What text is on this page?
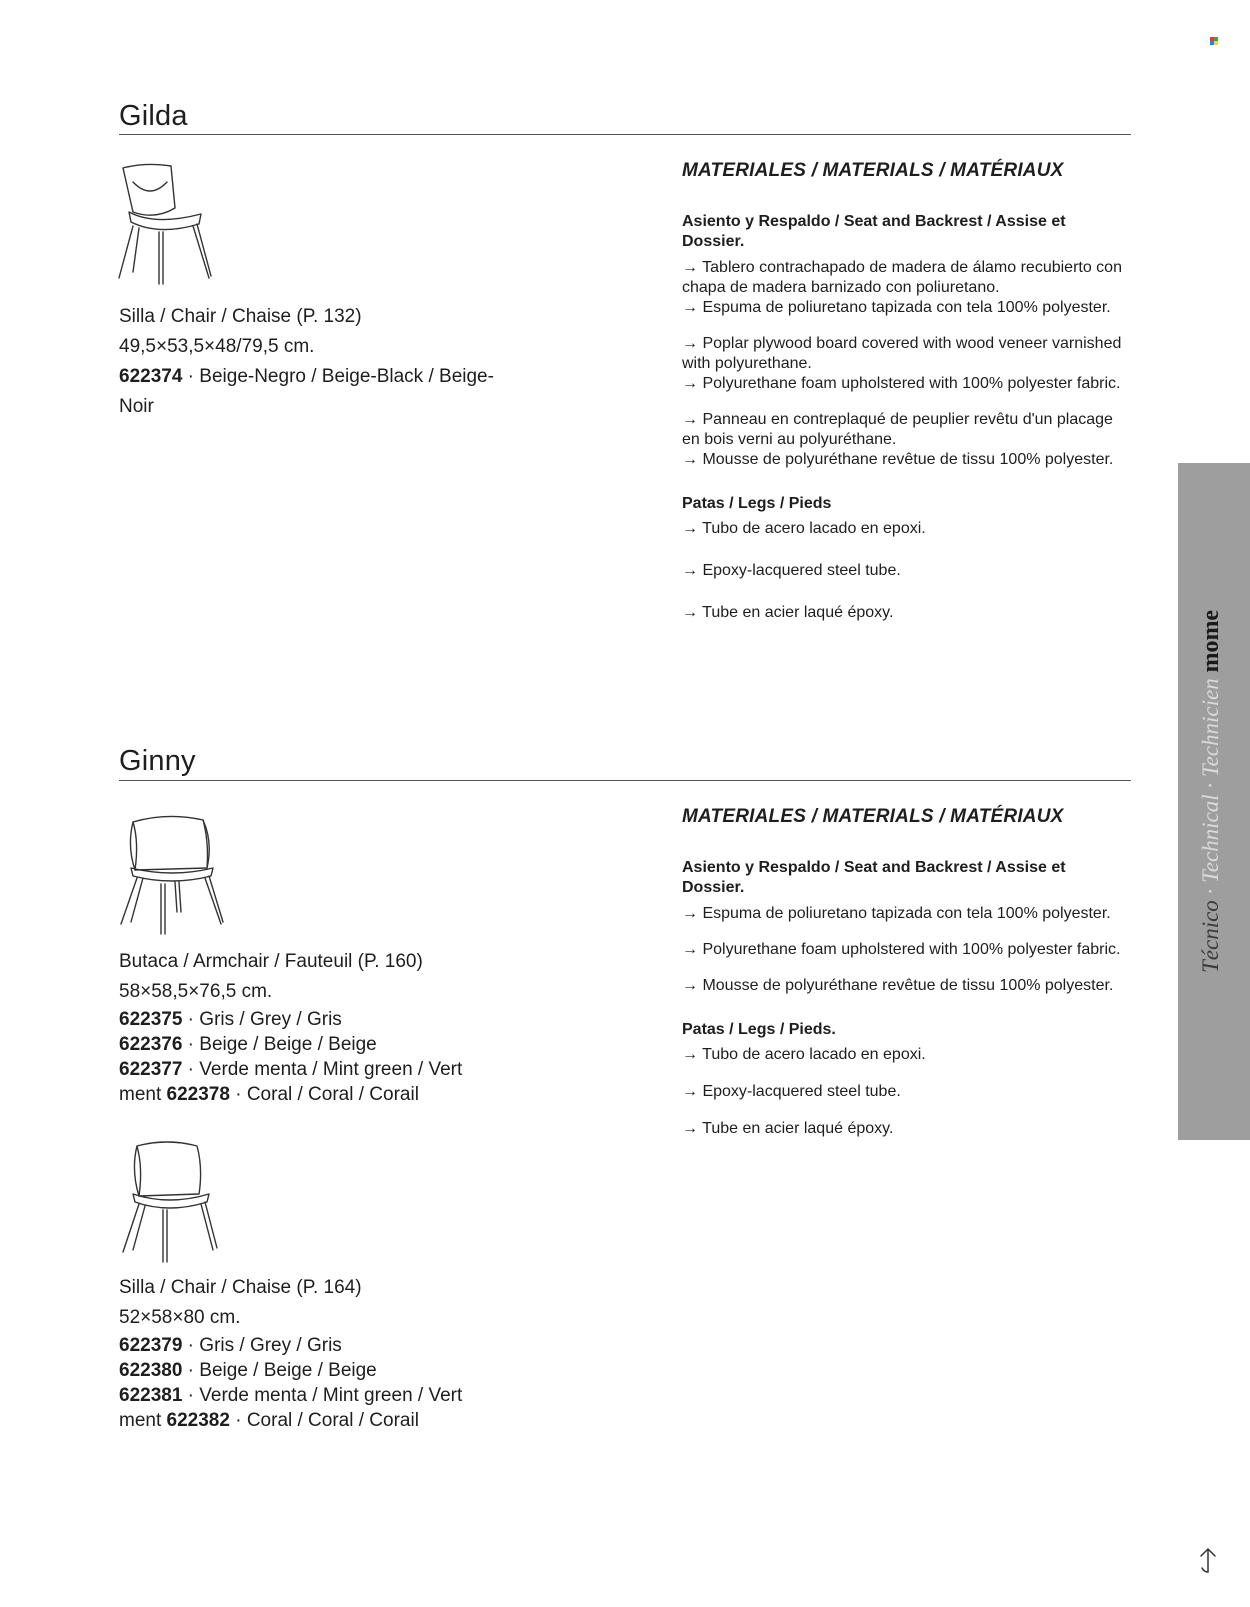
Gilda
Silla / Chair / Chaise (P. 132)
49,5×53,5×48/79,5 cm.
622374 · Beige-Negro / Beige-Black / Beige-
Noir
MATERIALES / MATERIALS / MATÉRIAUX
Asiento y Respaldo / Seat and Backrest / Assise et Dossier.

→ Tablero contrachapado de madera de álamo recubierto con chapa de madera barnizado con poliuretano.

→ Espuma de poliuretano tapizada con tela 100% polyester.

→ Poplar plywood board covered with wood veneer varnished with polyurethane.

→ Polyurethane foam upholstered with 100% polyester fabric.

→ Panneau en contreplaqué de peuplier revêtu d'un placage en bois verni au polyuréthane.

→ Mousse de polyuréthane revêtue de tissu 100% polyester.

Patas / Legs / Pieds

→ Tubo de acero lacado en epoxi.

→ Epoxy-lacquered steel tube.

→ Tube en acier laqué époxy.

Ginny
Butaca / Armchair / Fauteuil (P. 160)
58×58,5×76,5 cm.
622375 · Gris / Grey / Gris
622376 · Beige / Beige / Beige
622377 · Verde menta / Mint green / Vert
ment 622378 · Coral / Coral / Corail
Silla / Chair / Chaise (P. 164)
52×58×80 cm.
622379 · Gris / Grey / Gris
622380 · Beige / Beige / Beige
622381 · Verde menta / Mint green / Vert
ment 622382 · Coral / Coral / Corail
MATERIALES / MATERIALS / MATÉRIAUX
Asiento y Respaldo / Seat and Backrest / Assise et Dossier.

→ Espuma de poliuretano tapizada con tela 100% polyester.

→ Polyurethane foam upholstered with 100% polyester fabric.

→ Mousse de polyuréthane revêtue de tissu 100% polyester.

Patas / Legs / Pieds.

→ Tubo de acero lacado en epoxi.

→ Epoxy-lacquered steel tube.

→ Tube en acier laqué époxy.

Técnico · Technical · Technicien mome
